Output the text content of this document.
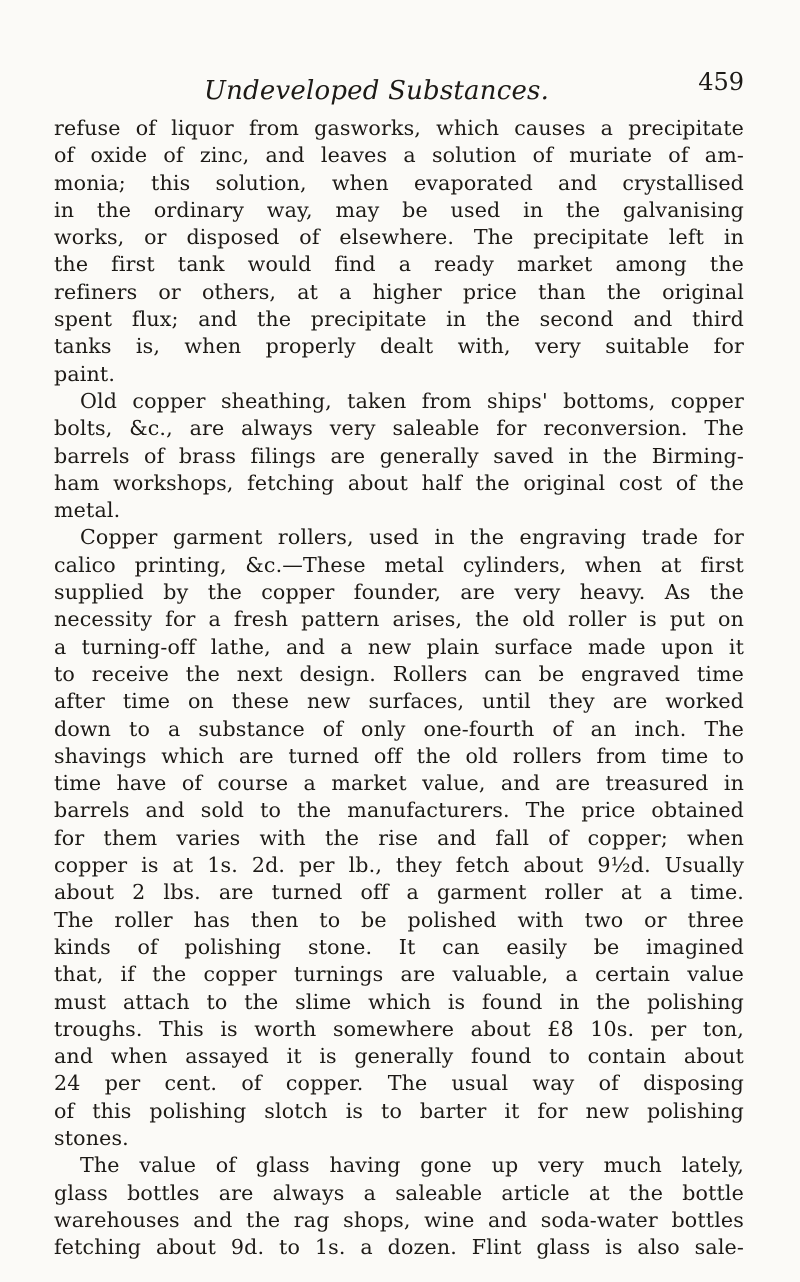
Undeveloped Substances.	459
refuse of liquor from gasworks, which causes a precipitate
of oxide of zinc, and leaves a solution of muriate of am-
monia; this solution, when evaporated and crystallised
in the ordinary way, may be used in the galvanising
works, or disposed of elsewhere. The precipitate left in
the first tank would find a ready market among the
refiners or others, at a higher price than the original
spent flux; and the precipitate in the second and third
tanks is, when properly dealt with, very suitable for
paint.
Old copper sheathing, taken from ships' bottoms, copper
bolts, &c., are always very saleable for reconversion. The
barrels of brass filings are generally saved in the Birming-
ham workshops, fetching about half the original cost of the
metal.
Copper garment rollers, used in the engraving trade for
calico printing, &c.—These metal cylinders, when at first
supplied by the copper founder, are very heavy. As the
necessity for a fresh pattern arises, the old roller is put on
a turning-off lathe, and a new plain surface made upon it
to receive the next design. Rollers can be engraved time
after time on these new surfaces, until they are worked
down to a substance of only one-fourth of an inch. The
shavings which are turned off the old rollers from time to
time have of course a market value, and are treasured in
barrels and sold to the manufacturers. The price obtained
for them varies with the rise and fall of copper; when
copper is at 1s. 2d. per lb., they fetch about 9½d. Usually
about 2 lbs. are turned off a garment roller at a time.
The roller has then to be polished with two or three
kinds of polishing stone. It can easily be imagined
that, if the copper turnings are valuable, a certain value
must attach to the slime which is found in the polishing
troughs. This is worth somewhere about £8 10s. per ton,
and when assayed it is generally found to contain about
24 per cent. of copper. The usual way of disposing
of this polishing slotch is to barter it for new polishing
stones.
The value of glass having gone up very much lately,
glass bottles are always a saleable article at the bottle
warehouses and the rag shops, wine and soda-water bottles
fetching about 9d. to 1s. a dozen. Flint glass is also sale-
